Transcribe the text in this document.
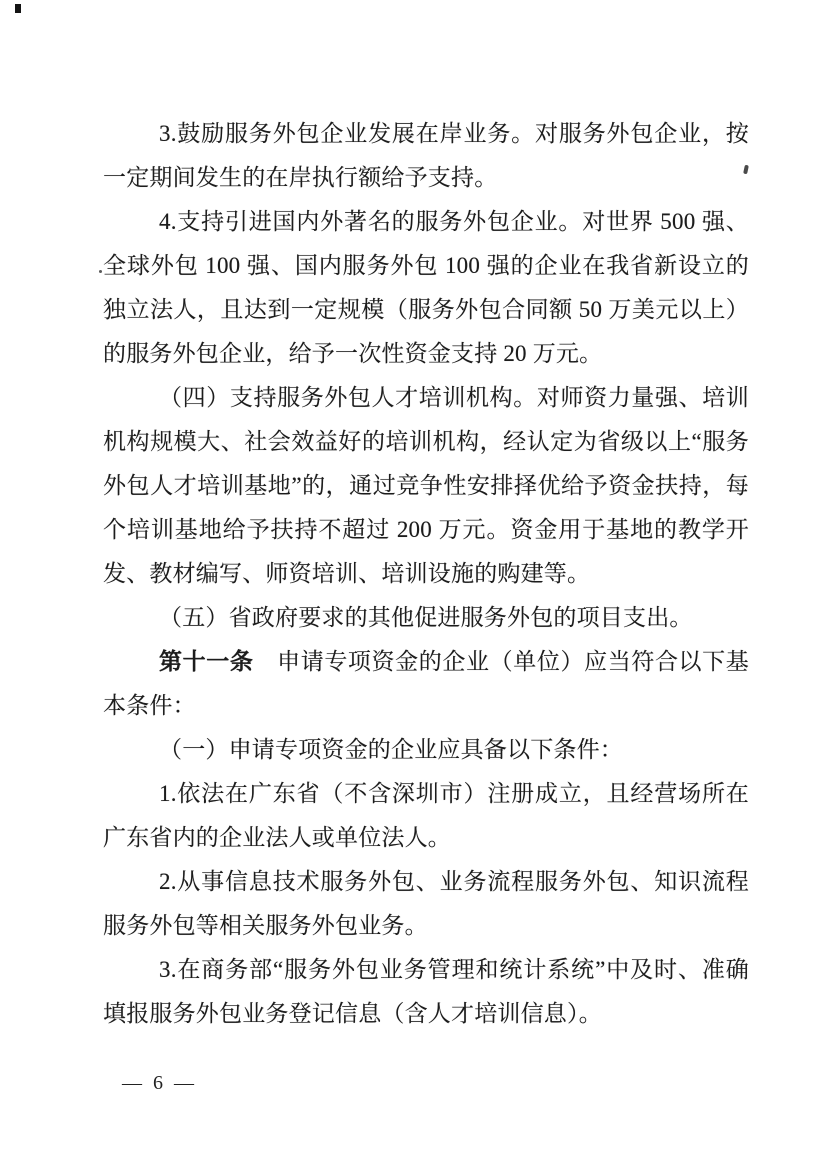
3.鼓励服务外包企业发展在岸业务。对服务外包企业，按一定期间发生的在岸执行额给予支持。

4.支持引进国内外著名的服务外包企业。对世界 500 强、全球外包 100 强、国内服务外包 100 强的企业在我省新设立的独立法人，且达到一定规模（服务外包合同额 50 万美元以上）的服务外包企业，给予一次性资金支持 20 万元。

（四）支持服务外包人才培训机构。对师资力量强、培训机构规模大、社会效益好的培训机构，经认定为省级以上“服务外包人才培训基地”的，通过竞争性安排择优给予资金扶持，每个培训基地给予扶持不超过 200 万元。资金用于基地的教学开发、教材编写、师资培训、培训设施的购建等。

（五）省政府要求的其他促进服务外包的项目支出。

第十一条　申请专项资金的企业（单位）应当符合以下基本条件：

（一）申请专项资金的企业应具备以下条件：

1.依法在广东省（不含深圳市）注册成立，且经营场所在广东省内的企业法人或单位法人。

2.从事信息技术服务外包、业务流程服务外包、知识流程服务外包等相关服务外包业务。

3.在商务部“服务外包业务管理和统计系统”中及时、准确填报服务外包业务登记信息（含人才培训信息）。

— 6 —
